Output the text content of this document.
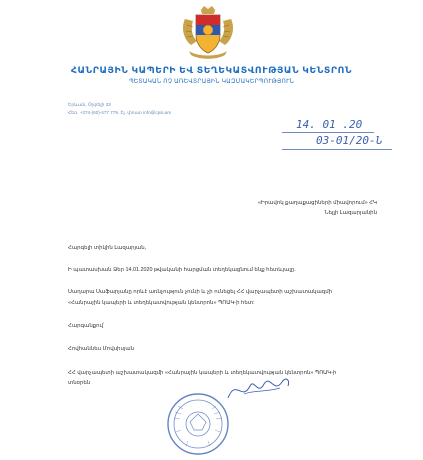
ՀԱՆՐԱՅԻՆ ԿԱՊԵՐԻ ԵՎ ՏԵՂԵԿԱՏՎՈՒԹՅԱՆ ԿԵՆՏՐՈՆ
ՊԵՏԱԿԱՆ ՈՉ ԱՌԵՎՏՐԱՅԻՆ ԿԱԶՄԱԿԵՐՊՈՒԹՅՈՒՆ
Երևան, Օրբելի 23
Հեռ. +374-(60)-477 779, Էլ. փոստ info@cpsi.am
14. 01 .20
03-01/20-Ն
«Իրավոկ քաղաքացիների միավորում» ՀԿ
Նելլի Լազարյանին
Հարգելի տիկին Լազարյան,
Ի պատասխան Ձեր 14.01.2020 թվականի հարցման տեղեկացնում ենք հետևյալը.
Սաղարա Սաֆարյանը որևէ առնչություն չունի և չի ունեցել ՀՀ վարչապետի աշխատակազմի
«Հանրային կապերի և տեղեկատվության կենտրոն» ՊՈԱԿ-ի հետ:
Հարգանքով՝
Հովհաննես Մովսիսյան
ՀՀ վարչապետի աշխատակազմի «Հանրային կապերի և տեղեկատվության կենտրոն» ՊՈԱԿ-ի
տնօրեն
